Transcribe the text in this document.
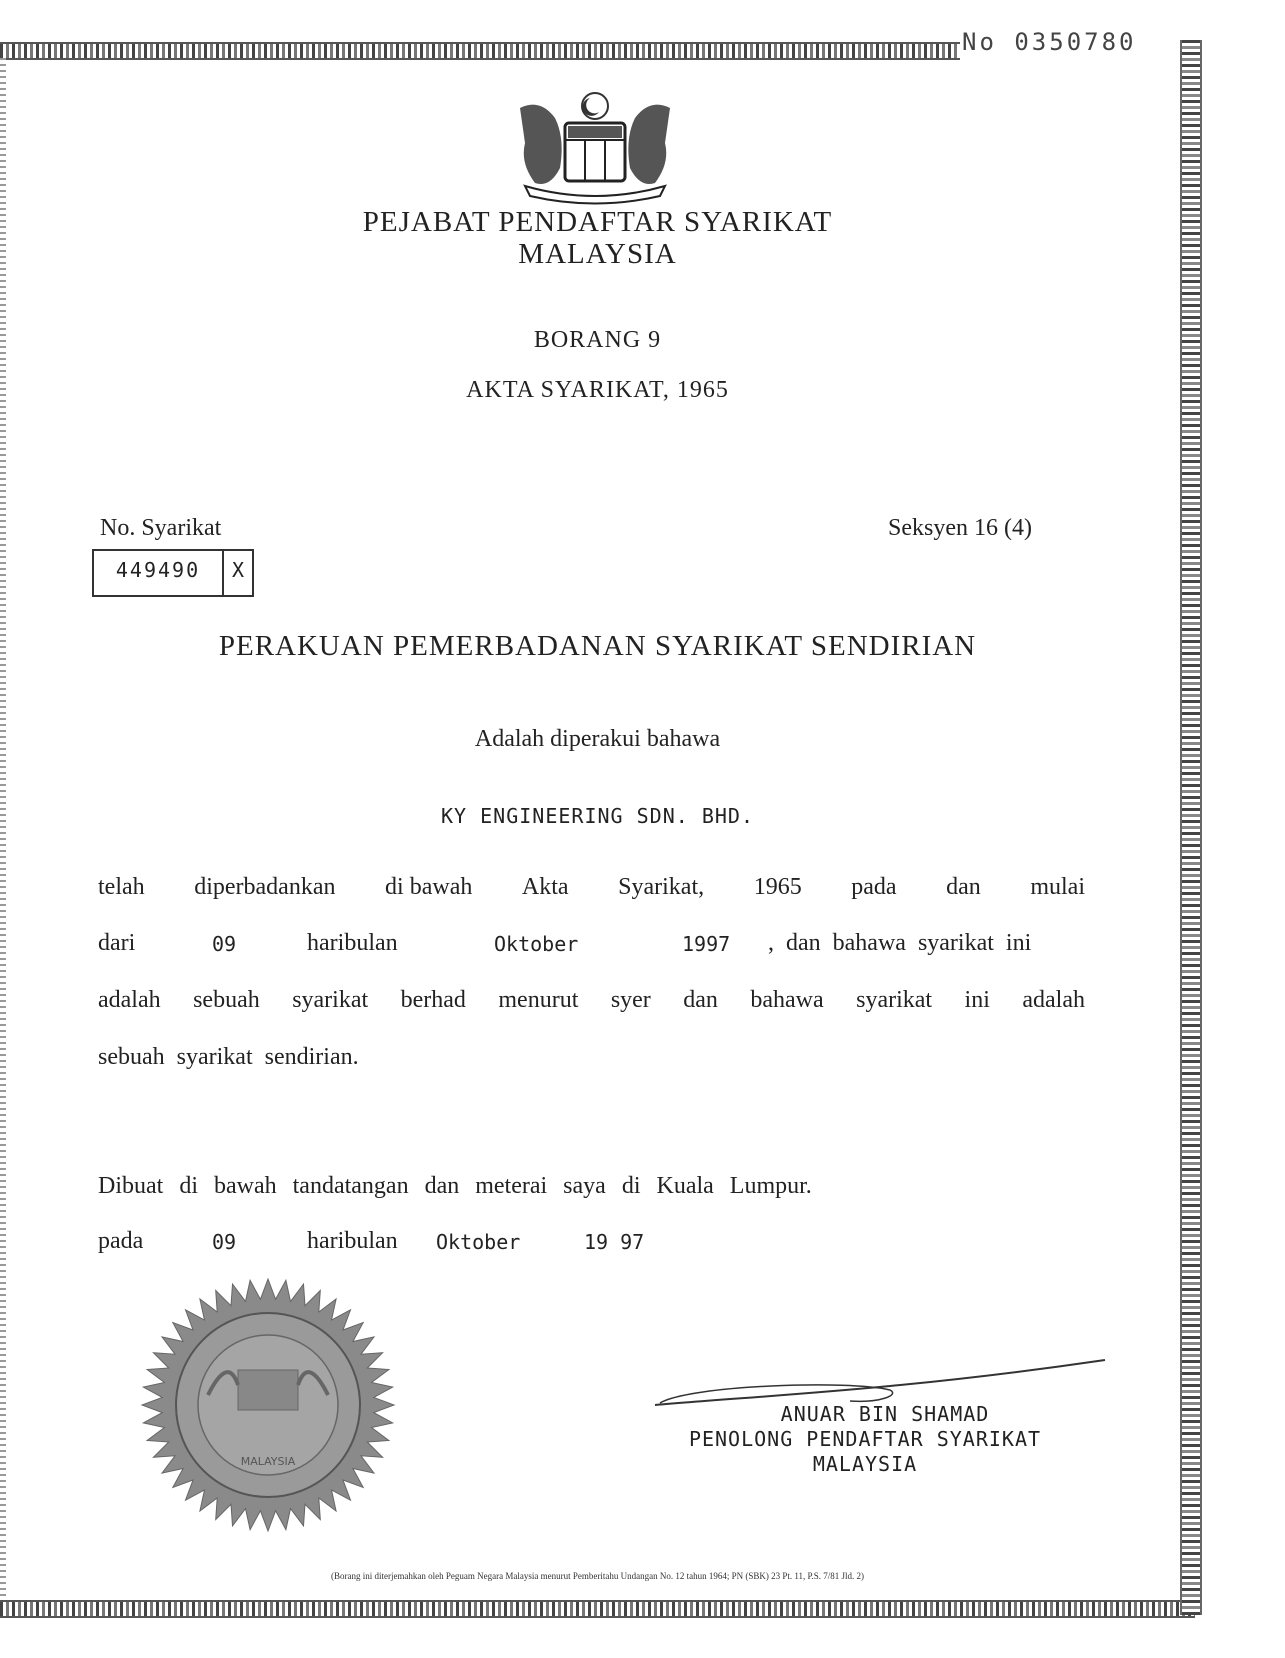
No 0350780
PEJABAT PENDAFTAR SYARIKAT
MALAYSIA
BORANG 9
AKTA SYARIKAT, 1965
No. Syarikat	Seksyen 16 (4)
449490	X
PERAKUAN PEMERBADANAN SYARIKAT SENDIRIAN
Adalah diperakui bahawa
KY ENGINEERING SDN. BHD.
telah diperbadankan di bawah Akta Syarikat, 1965 pada dan mulai
dari	09	haribulan	Oktober	1997 , dan bahawa syarikat ini
adalah sebuah syarikat berhad menurut syer dan bahawa syarikat ini adalah
sebuah  syarikat  sendirian.
Dibuat di bawah tandatangan dan meterai saya di Kuala Lumpur.
pada	09	haribulan Oktober	19 97
MALAYSIA
ANUAR BIN SHAMAD
PENOLONG PENDAFTAR SYARIKAT
MALAYSIA
(Borang ini diterjemahkan oleh Peguam Negara Malaysia menurut Pemberitahu Undangan No. 12 tahun 1964; PN (SBK) 23 Pt. 11, P.S. 7/81 Jld. 2)
